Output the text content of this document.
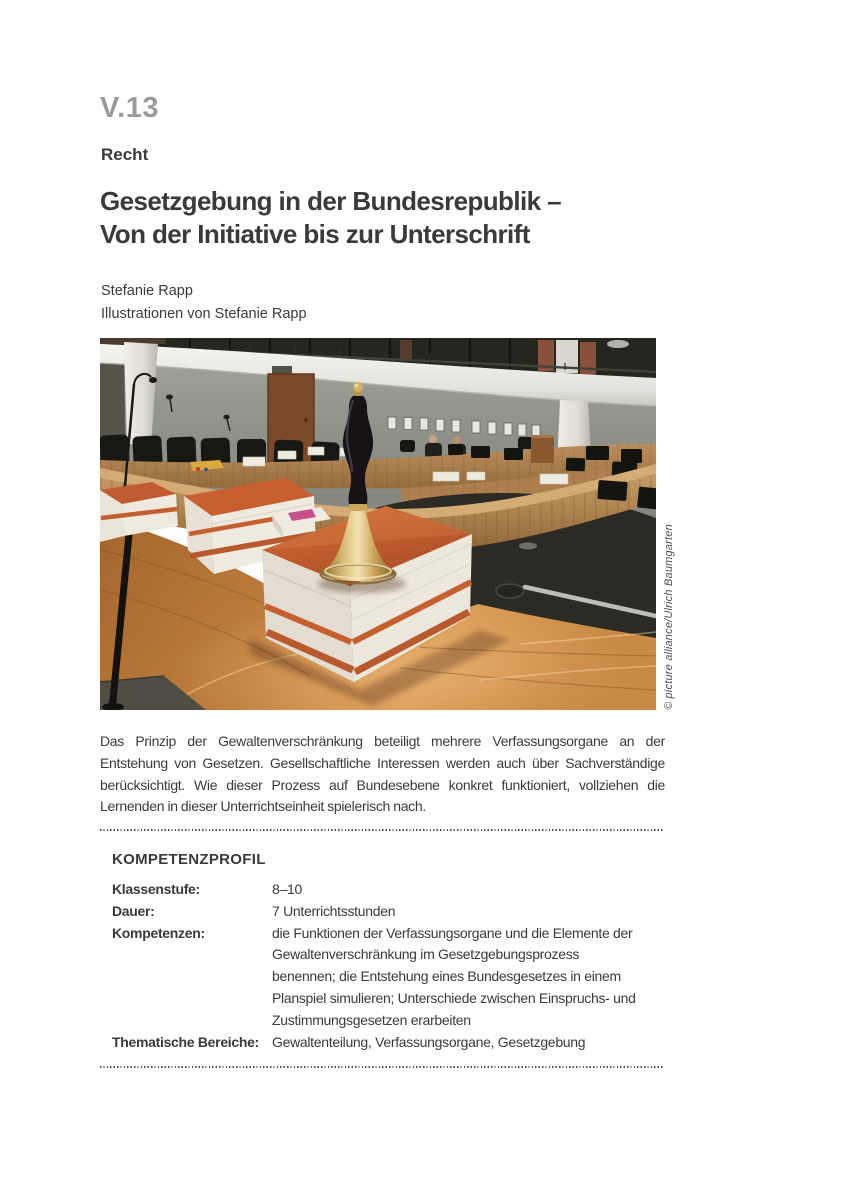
V.13
Recht
Gesetzgebung in der Bundesrepublik –
Von der Initiative bis zur Unterschrift
Stefanie Rapp
Illustrationen von Stefanie Rapp
© picture alliance/Ulrich Baumgarten
Das Prinzip der Gewaltenverschränkung beteiligt mehrere Verfassungsorgane an der Entstehung von Gesetzen. Gesellschaftliche Interessen werden auch über Sachverständige berücksichtigt. Wie dieser Prozess auf Bundesebene konkret funktioniert, vollziehen die Lernenden in dieser Unterrichtseinheit spielerisch nach.
KOMPETENZPROFIL
Klassenstufe:	8–10
Dauer:	7 Unterrichtsstunden
Kompetenzen:	die Funktionen der Verfassungsorgane und die Elemente der Gewaltenverschränkung im Gesetzgebungsprozess benennen; die Entstehung eines Bundesgesetzes in einem Planspiel simulieren; Unterschiede zwischen Einspruchs- und Zustimmungsgesetzen erarbeiten
Thematische Bereiche: Gewaltenteilung, Verfassungsorgane, Gesetzgebung
